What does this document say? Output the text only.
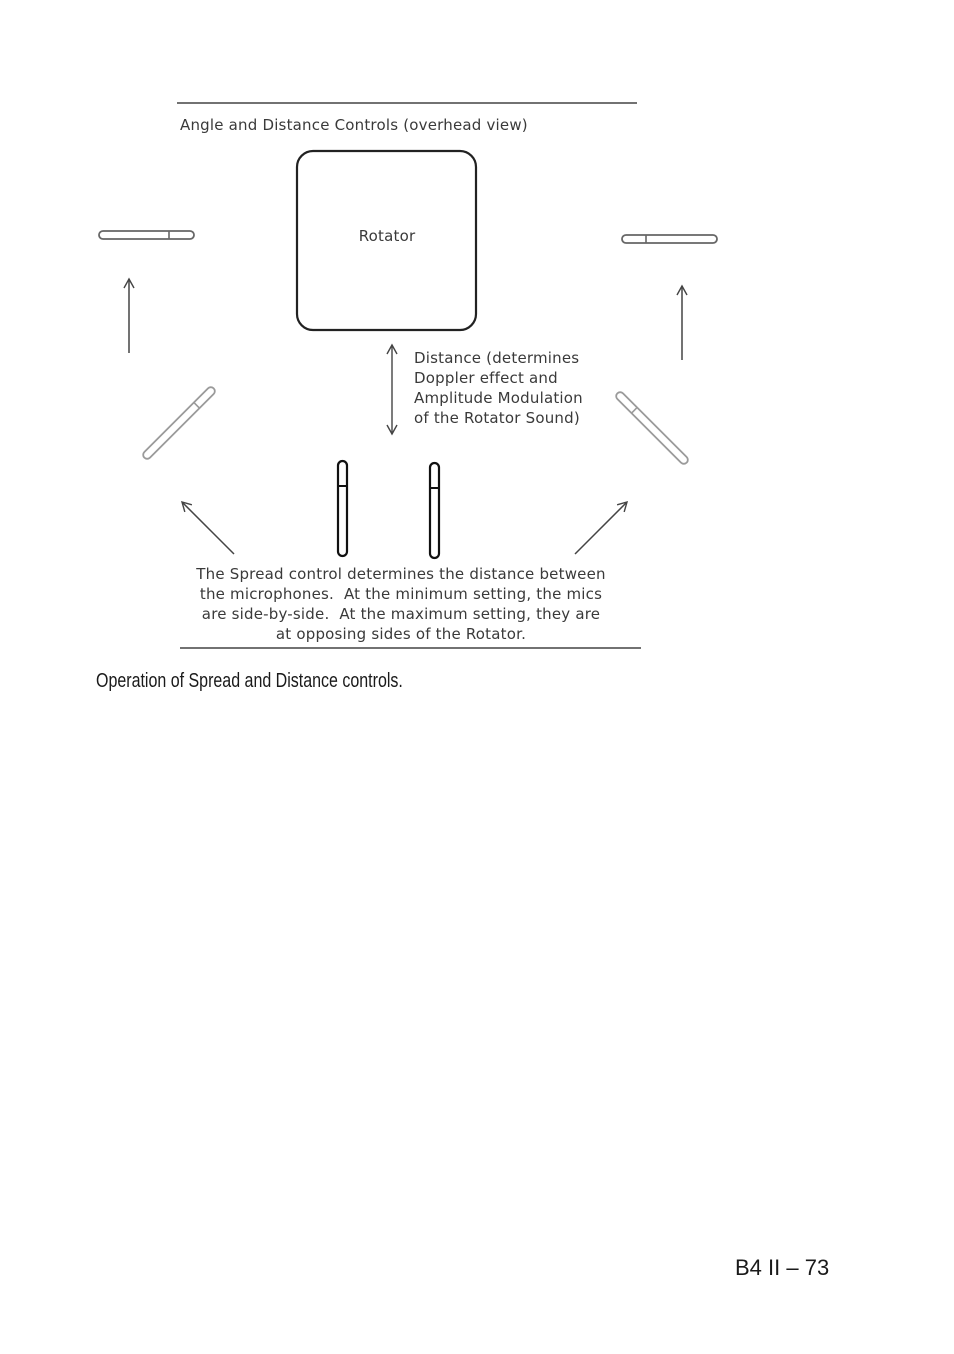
Angle and Distance Controls (overhead view)

Rotator

Distance (determines
Doppler effect and
Amplitude Modulation
of the Rotator Sound)

The Spread control determines the distance between
the microphones.  At the minimum setting, the mics
are side-by-side.  At the maximum setting, they are
at opposing sides of the Rotator.

Operation of Spread and Distance controls.

B4 II – 73
